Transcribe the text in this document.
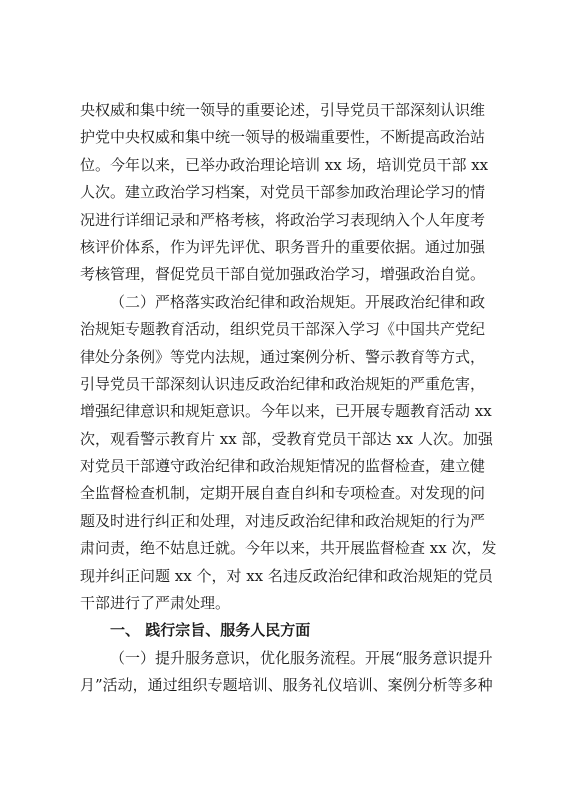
央权威和集中统一领导的重要论述，引导党员干部深刻认识维
护党中央权威和集中统一领导的极端重要性，不断提高政治站
位。今年以来，已举办政治理论培训 xx 场，培训党员干部 xx
人次。建立政治学习档案，对党员干部参加政治理论学习的情
况进行详细记录和严格考核，将政治学习表现纳入个人年度考
核评价体系，作为评先评优、职务晋升的重要依据。通过加强
考核管理，督促党员干部自觉加强政治学习，增强政治自觉。
（二）严格落实政治纪律和政治规矩。开展政治纪律和政
治规矩专题教育活动，组织党员干部深入学习《中国共产党纪
律处分条例》等党内法规，通过案例分析、警示教育等方式，
引导党员干部深刻认识违反政治纪律和政治规矩的严重危害，
增强纪律意识和规矩意识。今年以来，已开展专题教育活动 xx
次，观看警示教育片 xx 部，受教育党员干部达 xx 人次。加强
对党员干部遵守政治纪律和政治规矩情况的监督检查，建立健
全监督检查机制，定期开展自查自纠和专项检查。对发现的问
题及时进行纠正和处理，对违反政治纪律和政治规矩的行为严
肃问责，绝不姑息迁就。今年以来，共开展监督检查 xx 次，发
现并纠正问题 xx 个，对 xx 名违反政治纪律和政治规矩的党员
干部进行了严肃处理。
一、 践行宗旨、服务人民方面
（一）提升服务意识，优化服务流程。开展“服务意识提升
月”活动，通过组织专题培训、服务礼仪培训、案例分析等多种
